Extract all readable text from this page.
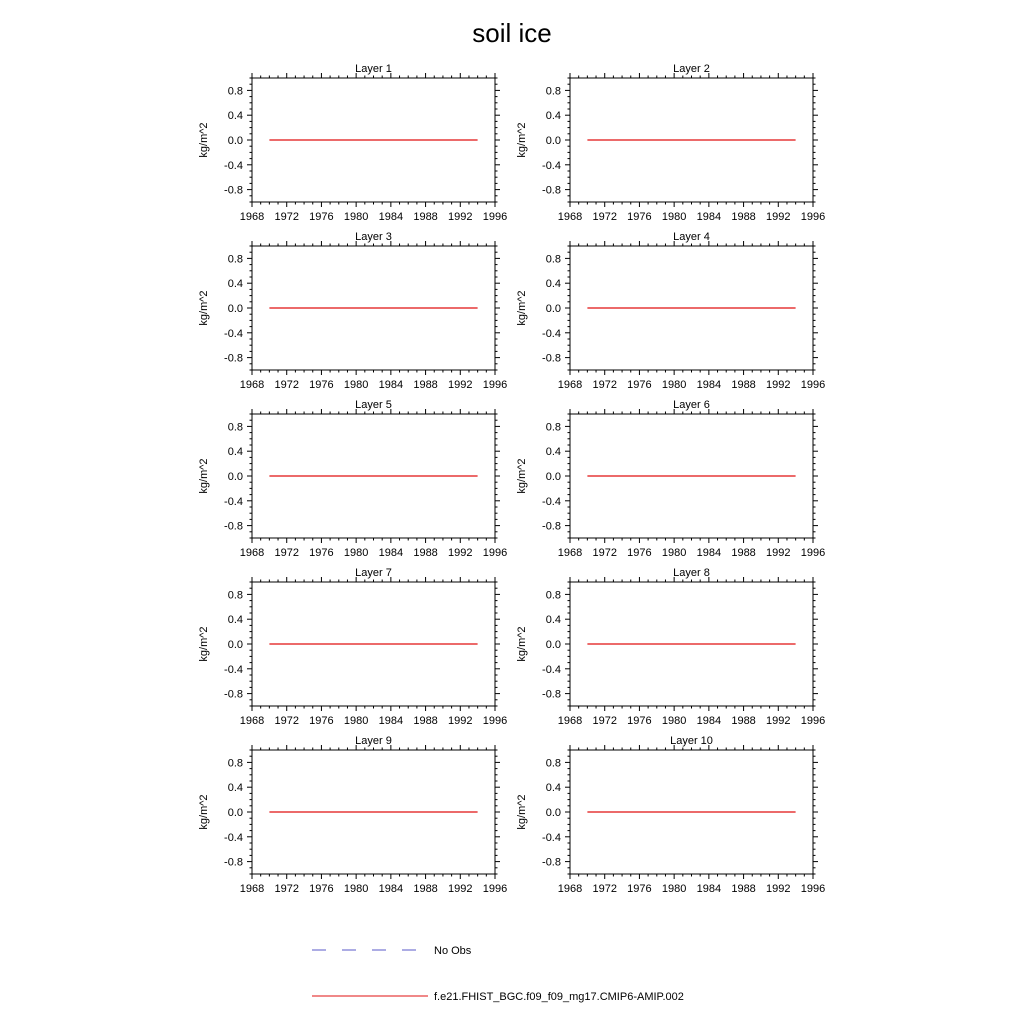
soil ice
Layer 1
1968 1972 1976 1980 1984 1988 1992 1996
-0.8
-0.4
0.0
0.4
0.8
kg/m^2
Layer 2
1968 1972 1976 1980 1984 1988 1992 1996
-0.8
-0.4
0.0
0.4
0.8
kg/m^2
Layer 3
1968 1972 1976 1980 1984 1988 1992 1996
-0.8
-0.4
0.0
0.4
0.8
kg/m^2
Layer 4
1968 1972 1976 1980 1984 1988 1992 1996
-0.8
-0.4
0.0
0.4
0.8
kg/m^2
Layer 5
1968 1972 1976 1980 1984 1988 1992 1996
-0.8
-0.4
0.0
0.4
0.8
kg/m^2
Layer 6
1968 1972 1976 1980 1984 1988 1992 1996
-0.8
-0.4
0.0
0.4
0.8
kg/m^2
Layer 7
1968 1972 1976 1980 1984 1988 1992 1996
-0.8
-0.4
0.0
0.4
0.8
kg/m^2
Layer 8
1968 1972 1976 1980 1984 1988 1992 1996
-0.8
-0.4
0.0
0.4
0.8
kg/m^2
Layer 9
1968 1972 1976 1980 1984 1988 1992 1996
-0.8
-0.4
0.0
0.4
0.8
kg/m^2
Layer 10
1968 1972 1976 1980 1984 1988 1992 1996
-0.8
-0.4
0.0
0.4
0.8
kg/m^2
No Obs
f.e21.FHIST_BGC.f09_f09_mg17.CMIP6-AMIP.002
